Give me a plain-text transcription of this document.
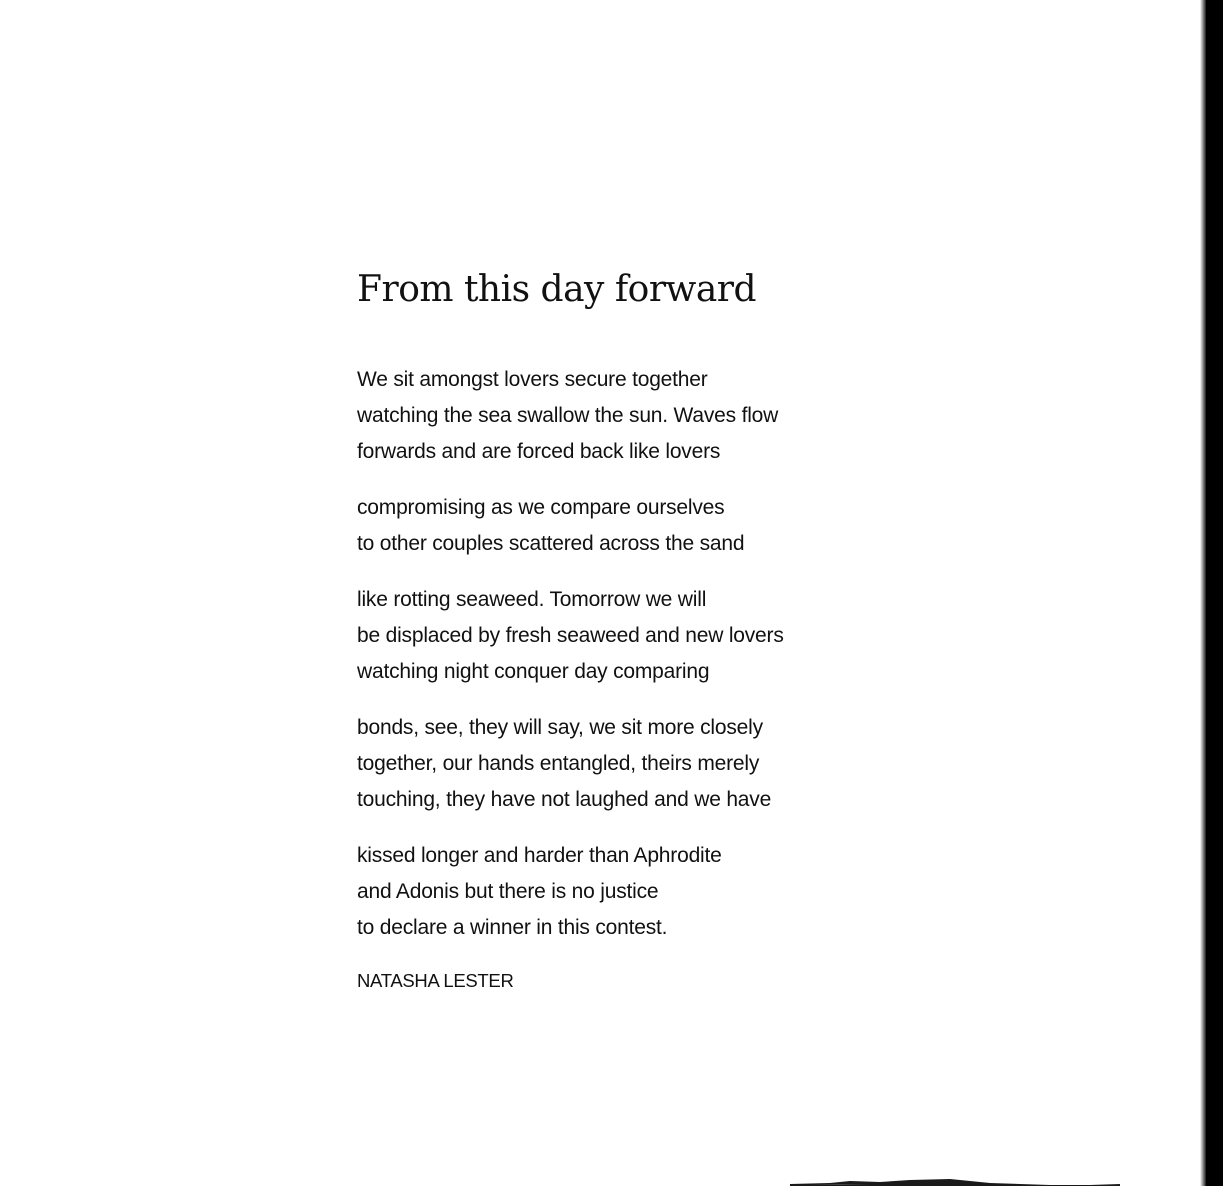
From this day forward
We sit amongst lovers secure together
watching the sea swallow the sun. Waves flow
forwards and are forced back like lovers
compromising as we compare ourselves
to other couples scattered across the sand
like rotting seaweed. Tomorrow we will
be displaced by fresh seaweed and new lovers
watching night conquer day comparing
bonds, see, they will say, we sit more closely
together, our hands entangled, theirs merely
touching, they have not laughed and we have
kissed longer and harder than Aphrodite
and Adonis but there is no justice
to declare a winner in this contest.
NATASHA LESTER
